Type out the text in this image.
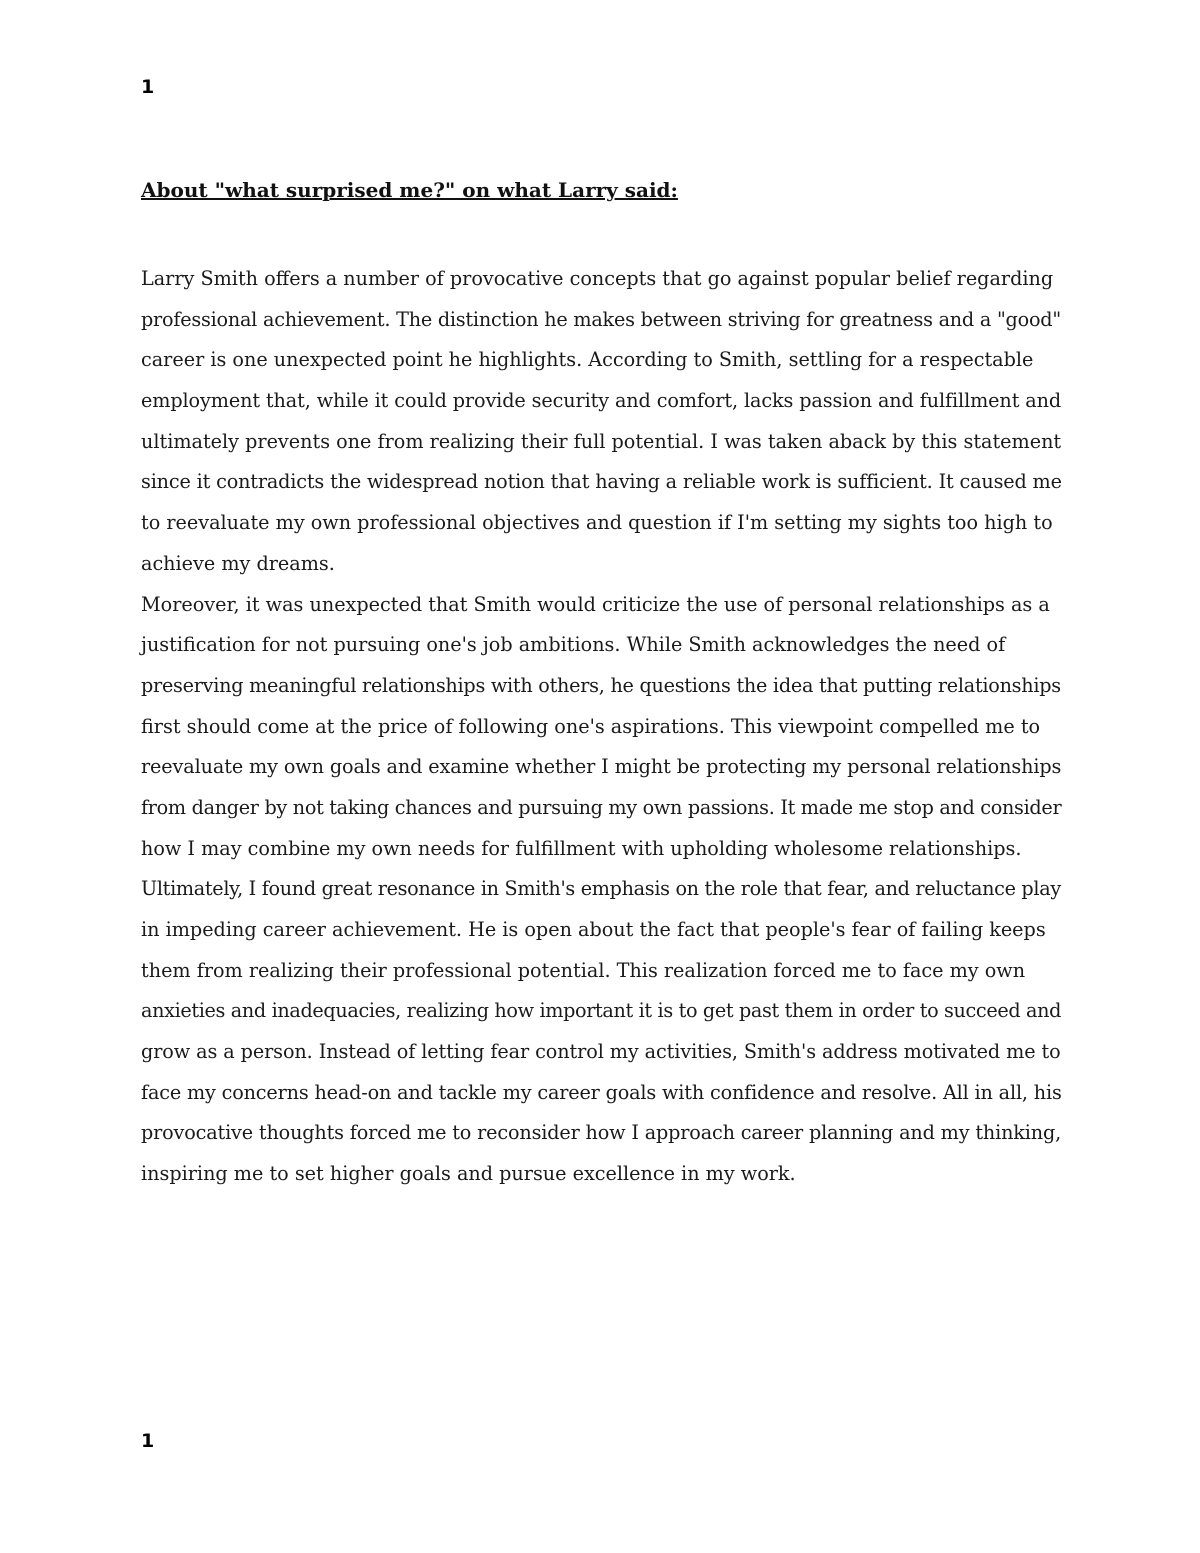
1
About "what surprised me?" on what Larry said:
Larry Smith offers a number of provocative concepts that go against popular belief regarding
professional achievement. The distinction he makes between striving for greatness and a "good"
career is one unexpected point he highlights. According to Smith, settling for a respectable
employment that, while it could provide security and comfort, lacks passion and fulfillment and
ultimately prevents one from realizing their full potential. I was taken aback by this statement
since it contradicts the widespread notion that having a reliable work is sufficient. It caused me
to reevaluate my own professional objectives and question if I'm setting my sights too high to
achieve my dreams.
Moreover, it was unexpected that Smith would criticize the use of personal relationships as a
justification for not pursuing one's job ambitions. While Smith acknowledges the need of
preserving meaningful relationships with others, he questions the idea that putting relationships
first should come at the price of following one's aspirations. This viewpoint compelled me to
reevaluate my own goals and examine whether I might be protecting my personal relationships
from danger by not taking chances and pursuing my own passions. It made me stop and consider
how I may combine my own needs for fulfillment with upholding wholesome relationships.
Ultimately, I found great resonance in Smith's emphasis on the role that fear, and reluctance play
in impeding career achievement. He is open about the fact that people's fear of failing keeps
them from realizing their professional potential. This realization forced me to face my own
anxieties and inadequacies, realizing how important it is to get past them in order to succeed and
grow as a person. Instead of letting fear control my activities, Smith's address motivated me to
face my concerns head-on and tackle my career goals with confidence and resolve. All in all, his
provocative thoughts forced me to reconsider how I approach career planning and my thinking,
inspiring me to set higher goals and pursue excellence in my work.
1
